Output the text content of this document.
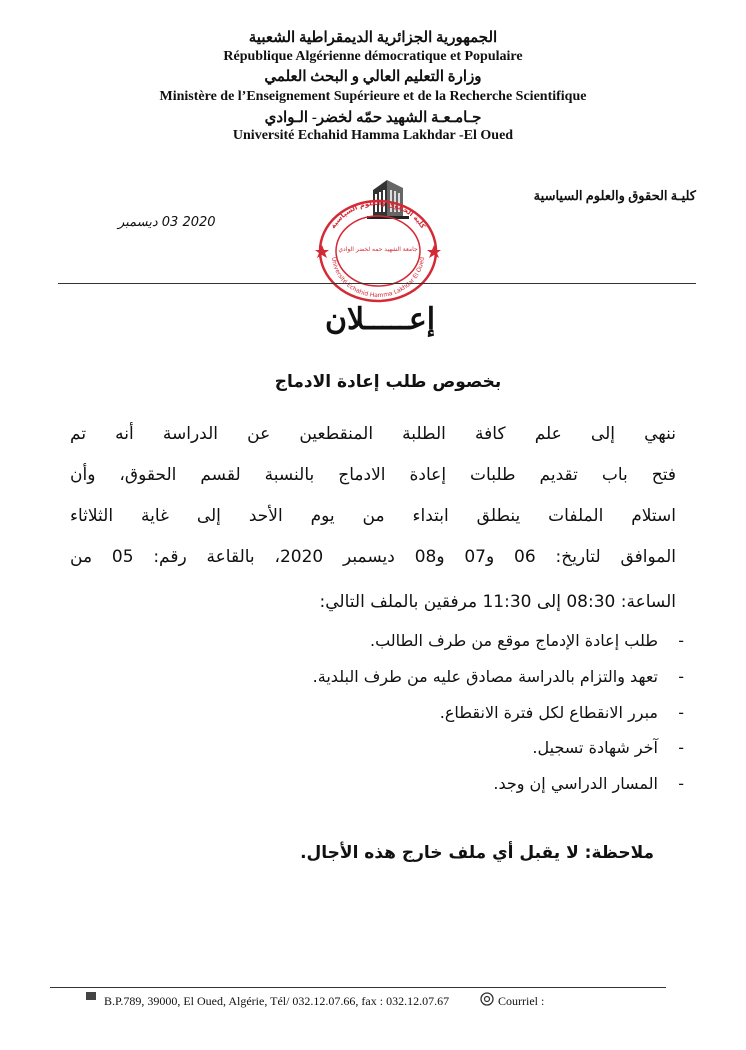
الجمهورية الجزائرية الديمقراطية الشعبية
République Algérienne démocratique et Populaire
وزارة التعليم العالي و البحث العلمي
Ministère de l’Enseignement Supérieure et de la Recherche Scientifique
جـامـعـة الشهيد حمّه لخضر- الـوادي
Université Echahid Hamma Lakhdar -El Oued
كليـة الحقوق والعلوم السياسية
2020 03 ديسمبر	كلية الحقوق والعلوم السياسية
Université Echahid Hamma Lakhdar El Oued
جامعة الشهيد حمه لخضر الوادي
إعـــــلان
بخصوص طلب إعادة الادماج
ننهي إلى علم كافة الطلبة المنقطعين عن الدراسة أنه تم
فتح باب تقديم طلبات إعادة الادماج بالنسبة لقسم الحقوق، وأن
استلام الملفات ينطلق ابتداء من يوم الأحد إلى غاية الثلاثاء
الموافق لتاريخ: 06 و07 و08 ديسمبر 2020، بالقاعة رقم: 05 من
الساعة: 08:30 إلى 11:30 مرفقين بالملف التالي:
-
طلب إعادة الإدماج موقع من طرف الطالب.
-
تعهد والتزام بالدراسة مصادق عليه من طرف البلدية.
-
مبرر الانقطاع لكل فترة الانقطاع.
-
آخر شهادة تسجيل.
-
المسار الدراسي إن وجد.
ملاحظة: لا يقبل أي ملف خارج هذه الأجال.
B.P.789, 39000, El Oued, Algérie, Tél/ 032.12.07.66, fax : 032.12.07.67	Courriel :
